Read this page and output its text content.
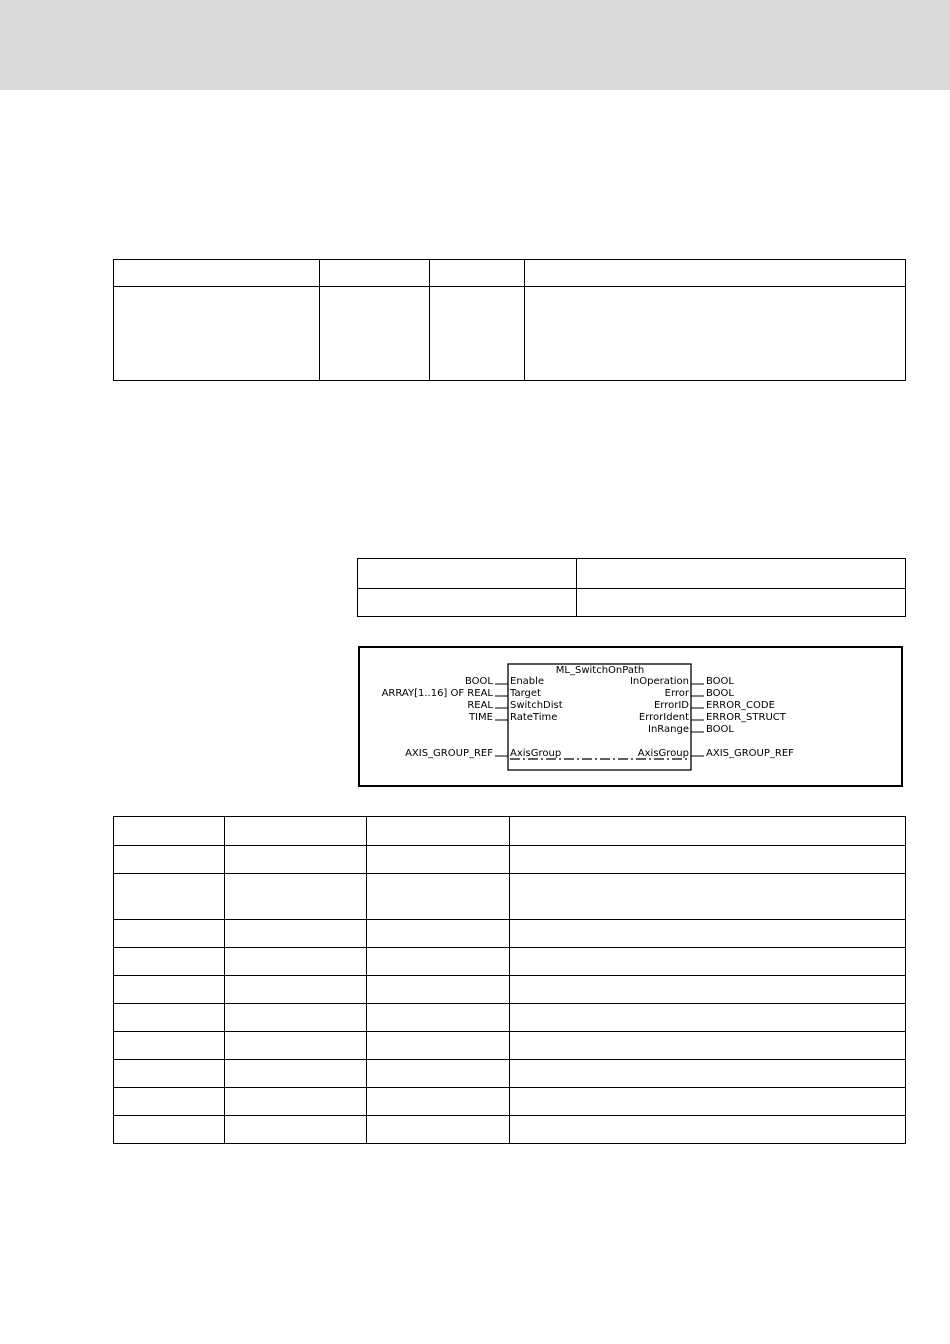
ML_SwitchOnPath
BOOL Enable
ARRAY[1..16] OF REAL Target
REAL SwitchDist
TIME RateTime
InOperation BOOL
Error BOOL
ErrorID ERROR_CODE
ErrorIdent ERROR_STRUCT
InRange BOOL
AXIS_GROUP_REF AxisGroup	AxisGroup AXIS_GROUP_REF
